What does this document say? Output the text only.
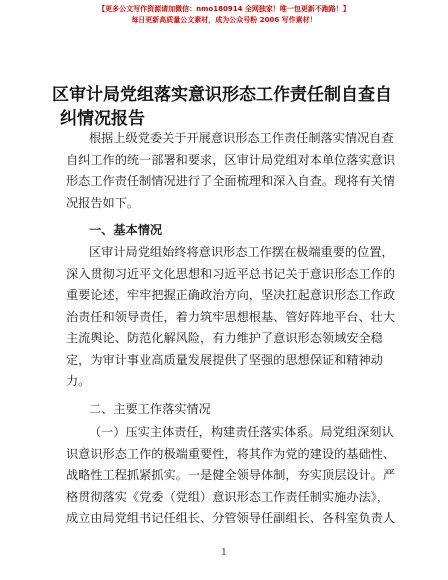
【更多公文写作资源请加微信：nmo180914 全网独家！唯一包更新不跑路！】
每日更新高质量公文素材，成为公众号粉 2006 写作素材！
区审计局党组落实意识形态工作责任制自查自
纠情况报告

根据上级党委关于开展意识形态工作责任制落实情况自查自纠工作的统一部署和要求，区审计局党组对本单位落实意识形态工作责任制情况进行了全面梳理和深入自查。现将有关情况报告如下。

一、基本情况

区审计局党组始终将意识形态工作摆在极端重要的位置，深入贯彻习近平文化思想和习近平总书记关于意识形态工作的重要论述，牢牢把握正确政治方向，坚决扛起意识形态工作政治责任和领导责任，着力筑牢思想根基、管好阵地平台、壮大主流舆论、防范化解风险，有力维护了意识形态领域安全稳定，为审计事业高质量发展提供了坚强的思想保证和精神动力。

二、主要工作落实情况

（一）压实主体责任，构建责任落实体系。局党组深刻认识意识形态工作的极端重要性，将其作为党的建设的基础性、战略性工程抓紧抓实。一是健全领导体制，夯实顶层设计。严格贯彻落实《党委（党组）意识形态工作责任制实施办法》，成立由局党组书记任组长、分管领导任副组长、各科室负责人

1
